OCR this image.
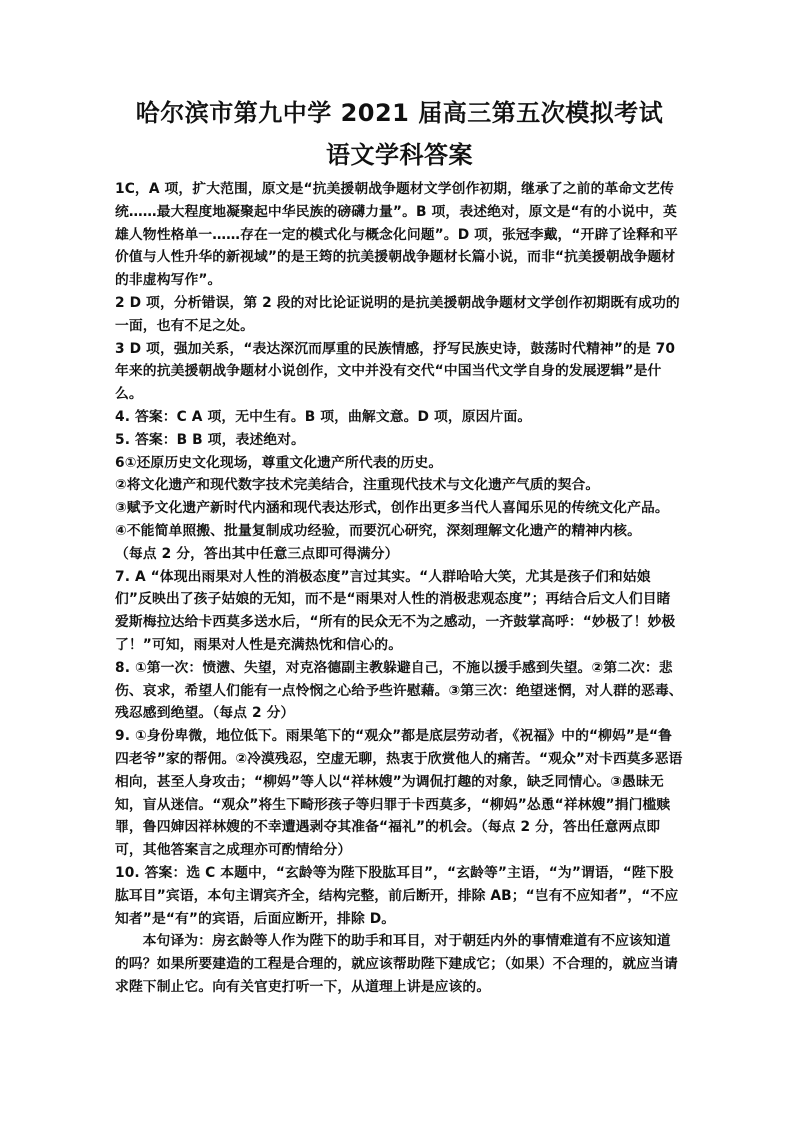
哈尔滨市第九中学 2021 届高三第五次模拟考试
语文学科答案

1C，A 项，扩大范围，原文是“抗美援朝战争题材文学创作初期，继承了之前的革命文艺传统……最大程度地凝聚起中华民族的磅礴力量”。B 项，表述绝对，原文是“有的小说中，英雄人物性格单一……存在一定的模式化与概念化问题”。D 项，张冠李戴，“开辟了诠释和平价值与人性升华的新视域”的是王筠的抗美援朝战争题材长篇小说，而非“抗美援朝战争题材的非虚构写作”。

2 D 项，分析错误，第 2 段的对比论证说明的是抗美援朝战争题材文学创作初期既有成功的一面，也有不足之处。

3 D 项，强加关系，“表达深沉而厚重的民族情感，抒写民族史诗，鼓荡时代精神”的是 70 年来的抗美援朝战争题材小说创作，文中并没有交代“中国当代文学自身的发展逻辑”是什么。

4. 答案：C A 项，无中生有。B 项，曲解文意。D 项，原因片面。

5. 答案：B B 项，表述绝对。

6①还原历史文化现场，尊重文化遗产所代表的历史。

②将文化遗产和现代数字技术完美结合，注重现代技术与文化遗产气质的契合。

③赋予文化遗产新时代内涵和现代表达形式，创作出更多当代人喜闻乐见的传统文化产品。

④不能简单照搬、批量复制成功经验，而要沉心研究，深刻理解文化遗产的精神内核。

（每点 2 分，答出其中任意三点即可得满分）

7. A “体现出雨果对人性的消极态度”言过其实。“人群哈哈大笑，尤其是孩子们和姑娘们”反映出了孩子姑娘的无知，而不是“雨果对人性的消极悲观态度”；再结合后文人们目睹爱斯梅拉达给卡西莫多送水后，“所有的民众无不为之感动，一齐鼓掌高呼：“妙极了！妙极了！”可知，雨果对人性是充满热忱和信心的。

8. ①第一次：愤懑、失望，对克洛德副主教躲避自己，不施以援手感到失望。②第二次：悲伤、哀求，希望人们能有一点怜悯之心给予些许慰藉。③第三次：绝望迷惘，对人群的恶毒、残忍感到绝望。（每点 2 分）

9. ①身份卑微，地位低下。雨果笔下的“观众”都是底层劳动者，《祝福》中的“柳妈”是“鲁四老爷”家的帮佣。②冷漠残忍，空虚无聊，热衷于欣赏他人的痛苦。“观众”对卡西莫多恶语相向，甚至人身攻击；“柳妈”等人以“祥林嫂”为调侃打趣的对象，缺乏同情心。③愚昧无知，盲从迷信。“观众”将生下畸形孩子等归罪于卡西莫多，“柳妈”怂恿“祥林嫂”捐门槛赎罪，鲁四婶因祥林嫂的不幸遭遇剥夺其准备“福礼”的机会。（每点 2 分，答出任意两点即可，其他答案言之成理亦可酌情给分）

10. 答案：选 C 本题中，“玄龄等为陛下股肱耳目”，“玄龄等”主语，“为”谓语，“陛下股肱耳目”宾语，本句主谓宾齐全，结构完整，前后断开，排除 AB；“岂有不应知者”，“不应知者”是“有”的宾语，后面应断开，排除 D。

本句译为：房玄龄等人作为陛下的助手和耳目，对于朝廷内外的事情难道有不应该知道的吗？如果所要建造的工程是合理的，就应该帮助陛下建成它；（如果）不合理的，就应当请求陛下制止它。向有关官吏打听一下，从道理上讲是应该的。
